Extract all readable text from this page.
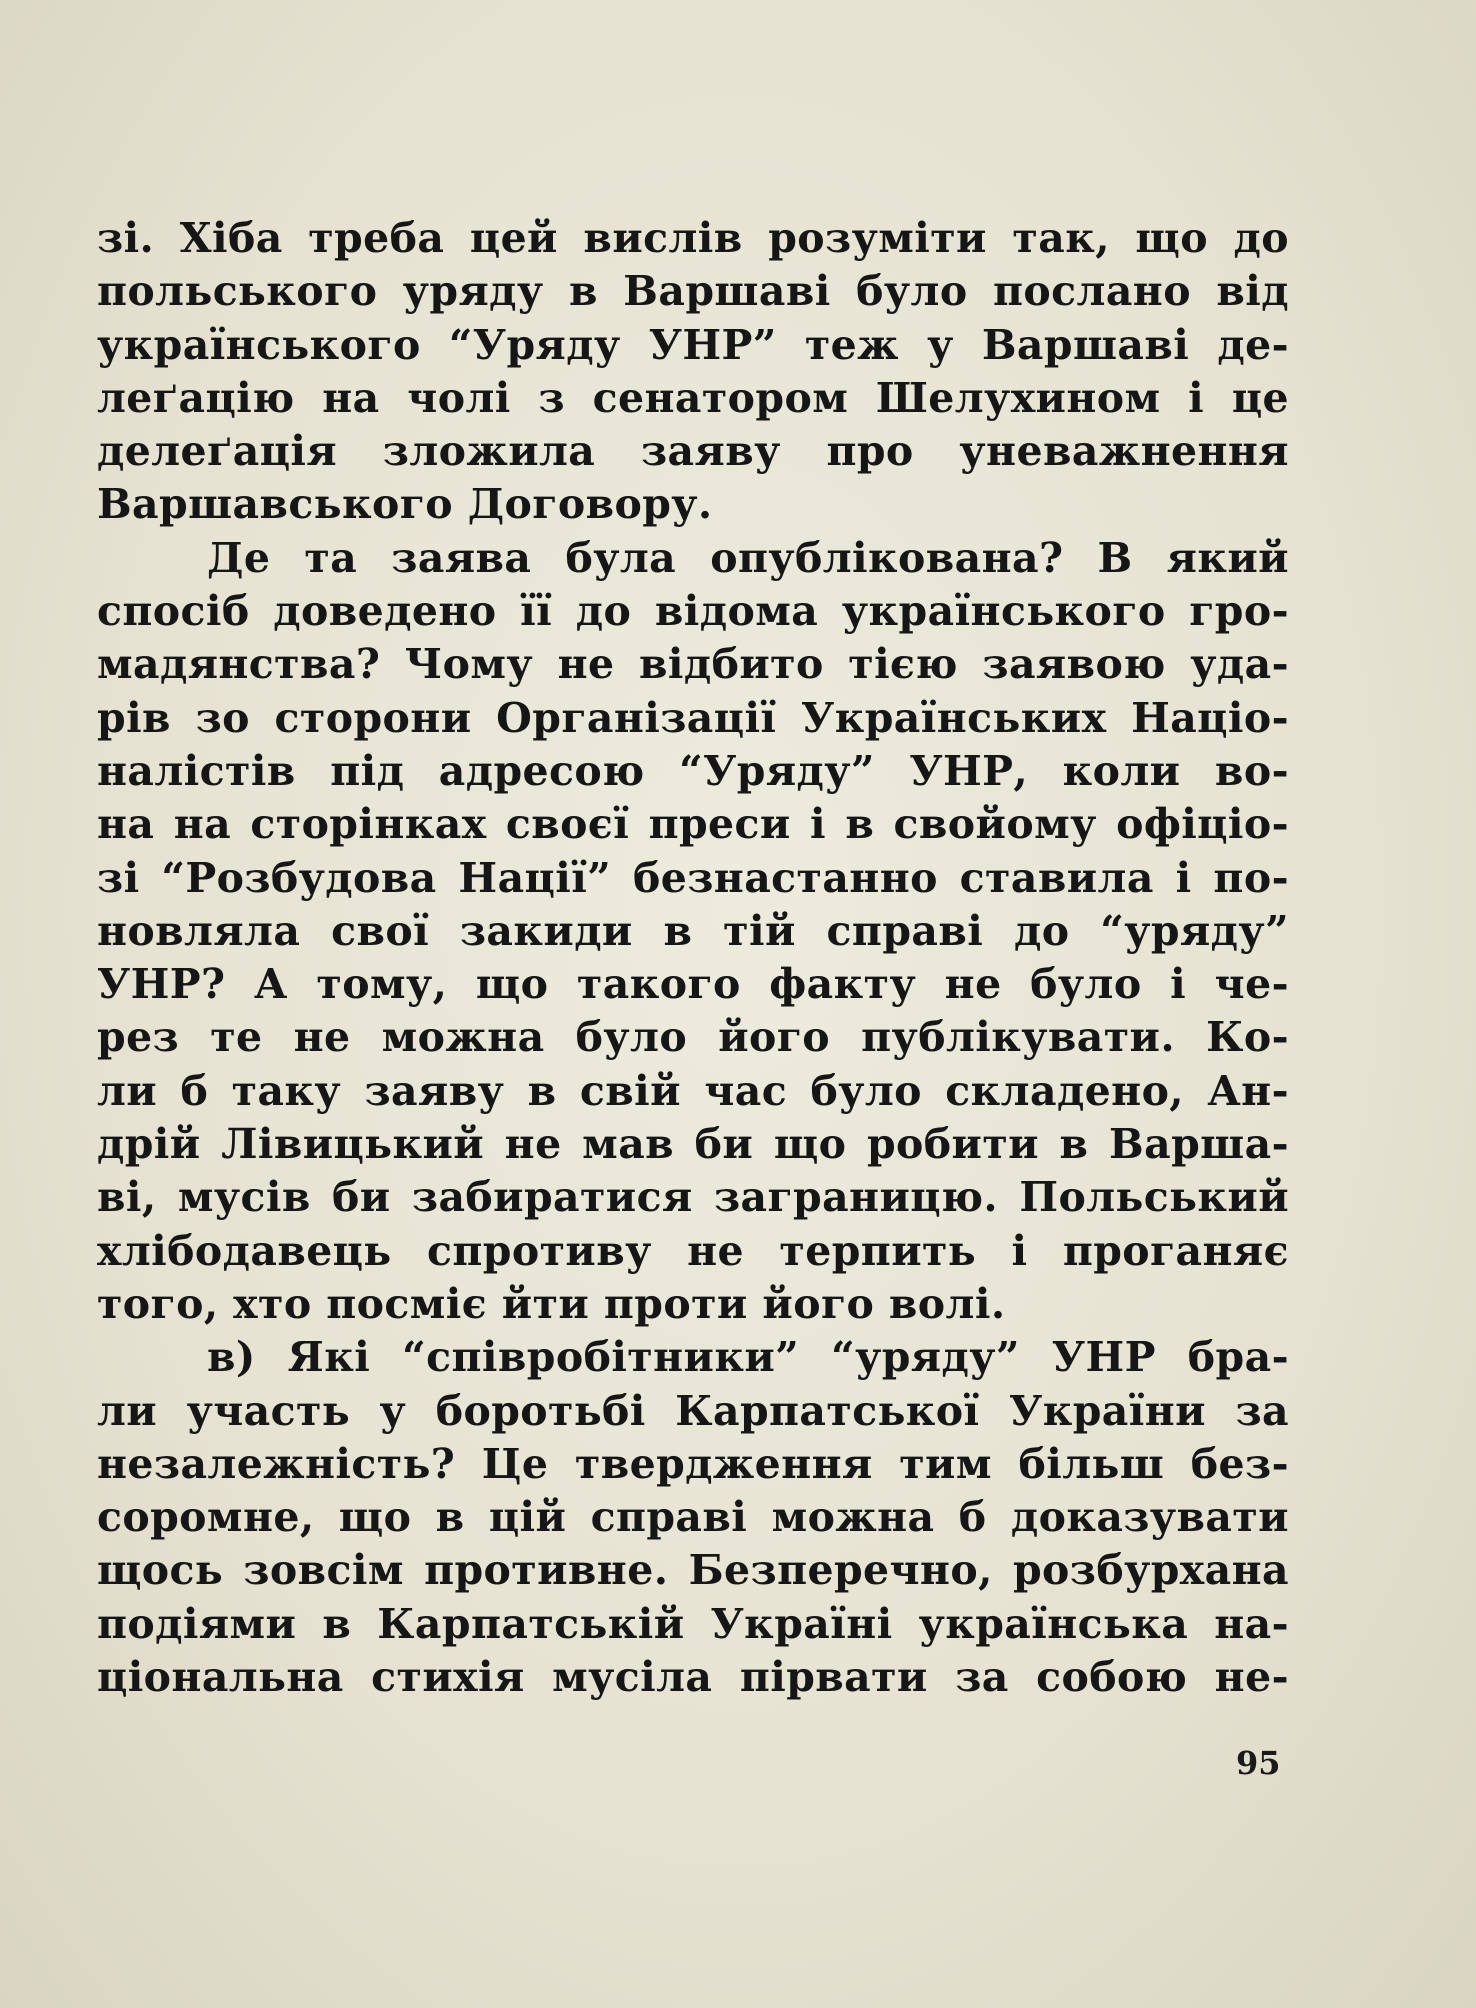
зі. Хіба треба цей вислів розуміти так, що до
польського уряду в Варшаві було послано від
українського “Уряду УНР” теж у Варшаві де-
леґацію на чолі з сенатором Шелухином і це
делеґація зложила заяву про уневажнення
Варшавського Договору.
Де та заява була опублікована? В який
спосіб доведено її до відома українського гро-
мадянства? Чому не відбито тією заявою уда-
рів зо сторони Організації Українських Націо-
налістів під адресою “Уряду” УНР, коли во-
на на сторінках своєї преси і в свойому офіціо-
зі “Розбудова Нації” безнастанно ставила і по-
новляла свої закиди в тій справі до “уряду”
УНР? А тому, що такого факту не було і че-
рез те не можна було його публікувати. Ко-
ли б таку заяву в свій час було складено, Ан-
дрій Лівицький не мав би що робити в Варша-
ві, мусів би забиратися заграницю. Польський
хлібодавець спротиву не терпить і проганяє
того, хто посміє йти проти його волі.
в) Які “співробітники” “уряду” УНР бра-
ли участь у боротьбі Карпатської України за
незалежність? Це твердження тим більш без-
соромне, що в цій справі можна б доказувати
щось зовсім противне. Безперечно, розбурхана
подіями в Карпатській Україні українська на-
ціональна стихія мусіла пірвати за собою не-
95
